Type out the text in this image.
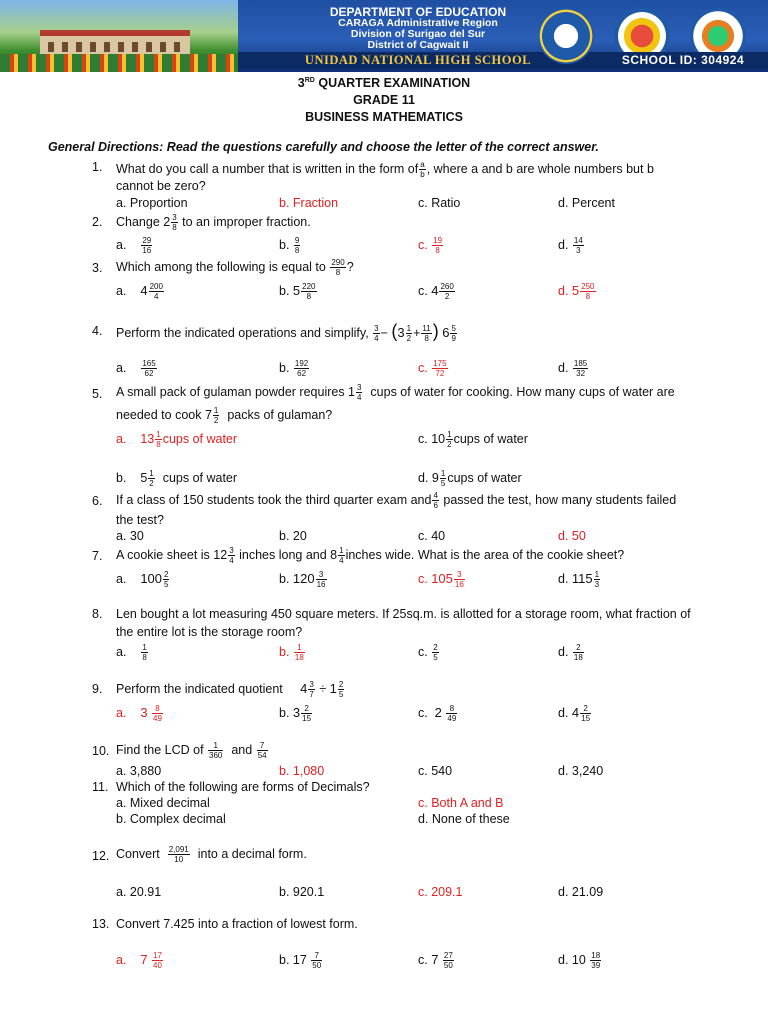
DEPARTMENT OF EDUCATION
CARAGA Administrative Region
Division of Surigao del Sur
District of Cagwait II
UNIDAD NATIONAL HIGH SCHOOL	SCHOOL ID: 304924
3RD QUARTER EXAMINATION
GRADE 11
BUSINESS MATHEMATICS
General Directions: Read the questions carefully and choose the letter of the correct answer.
1. What do you call a number that is written in the form of $\frac{a}{b}$ , where a and b are whole numbers but b
cannot be zero?
a. Proportion	b. Fraction	c. Ratio	d. Percent
2. Change $2 \frac{3}{8}$ to an improper fraction.
a. $\frac{29}{16}$	b. $\frac{9}{8}$	c. $\frac{19}{8}$	d. $\frac{14}{3}$
3. Which among the following is equal to $\frac{290}{8}$ ?
a.    $4 \frac{200}{4}$	b. $5 \frac{220}{8}$	c. $4 \frac{260}{2}$	d. $5 \frac{250}{8}$
4. Perform the indicated operations and simplify, $\frac{3}{4} - (3 \frac{1}{2} + \frac{11}{8}$ ) $6 \frac{5}{9}$
a. $\frac{165}{62}$	b. $\frac{192}{62}$	c. $\frac{175}{72}$	d. $\frac{185}{32}$
5. A small pack of gulaman powder requires $1 \frac{3}{4}$ cups of water for cooking. How many cups of water are
needed to cook $7 \frac{1}{2}$ packs of gulaman?
a.    $13 \frac{1}{8}$ cups of water	c. $10 \frac{1}{2}$ cups of water
b.    $5 \frac{1}{2}$ cups of water	d. $9 \frac{1}{5}$ cups of water
6. If a class of 150 students took the third quarter exam and $\frac{4}{6}$ passed the test, how many students failed
the test?
a. 30	b. 20	c. 40	d. 50
7. A cookie sheet is $12 \frac{3}{4}$ inches long and $8 \frac{1}{4}$ inches wide. What is the area of the cookie sheet?
a.    $100 \frac{2}{5}$	b. $120 \frac{3}{16}$	c. $105 \frac{3}{16}$	d. $115 \frac{1}{3}$
8. Len bought a lot measuring 450 square meters. If 25sq.m. is allotted for a storage room, what fraction of
the entire lot is the storage room?
a. $\frac{1}{8}$	b. $\frac{1}{18}$	c. $\frac{2}{5}$	d. $\frac{2}{18}$
9. Perform the indicated quotient $4 \frac{3}{7} \div 1 \frac{2}{5}$
a.    $3 \frac{8}{49}$	b. $3 \frac{2}{15}$	c.  $2 \frac{8}{49}$	d. $4 \frac{2}{15}$
10. Find the LCD of $\frac{1}{360}$ and $\frac{7}{54}$
a. 3,880	b. 1,080	c. 540	d. 3,240
11. Which of the following are forms of Decimals?
a. Mixed decimal	c. Both A and B
b. Complex decimal	d. None of these
12. Convert $\frac{2,091}{10}$ into a decimal form.
a. 20.91	b. 920.1	c. 209.1	d. 21.09
13. Convert 7.425 into a fraction of lowest form.
a.    $7 \frac{17}{40}$	b. $17 \frac{7}{50}$	c. $7 \frac{27}{50}$	d. $10 \frac{18}{39}$
